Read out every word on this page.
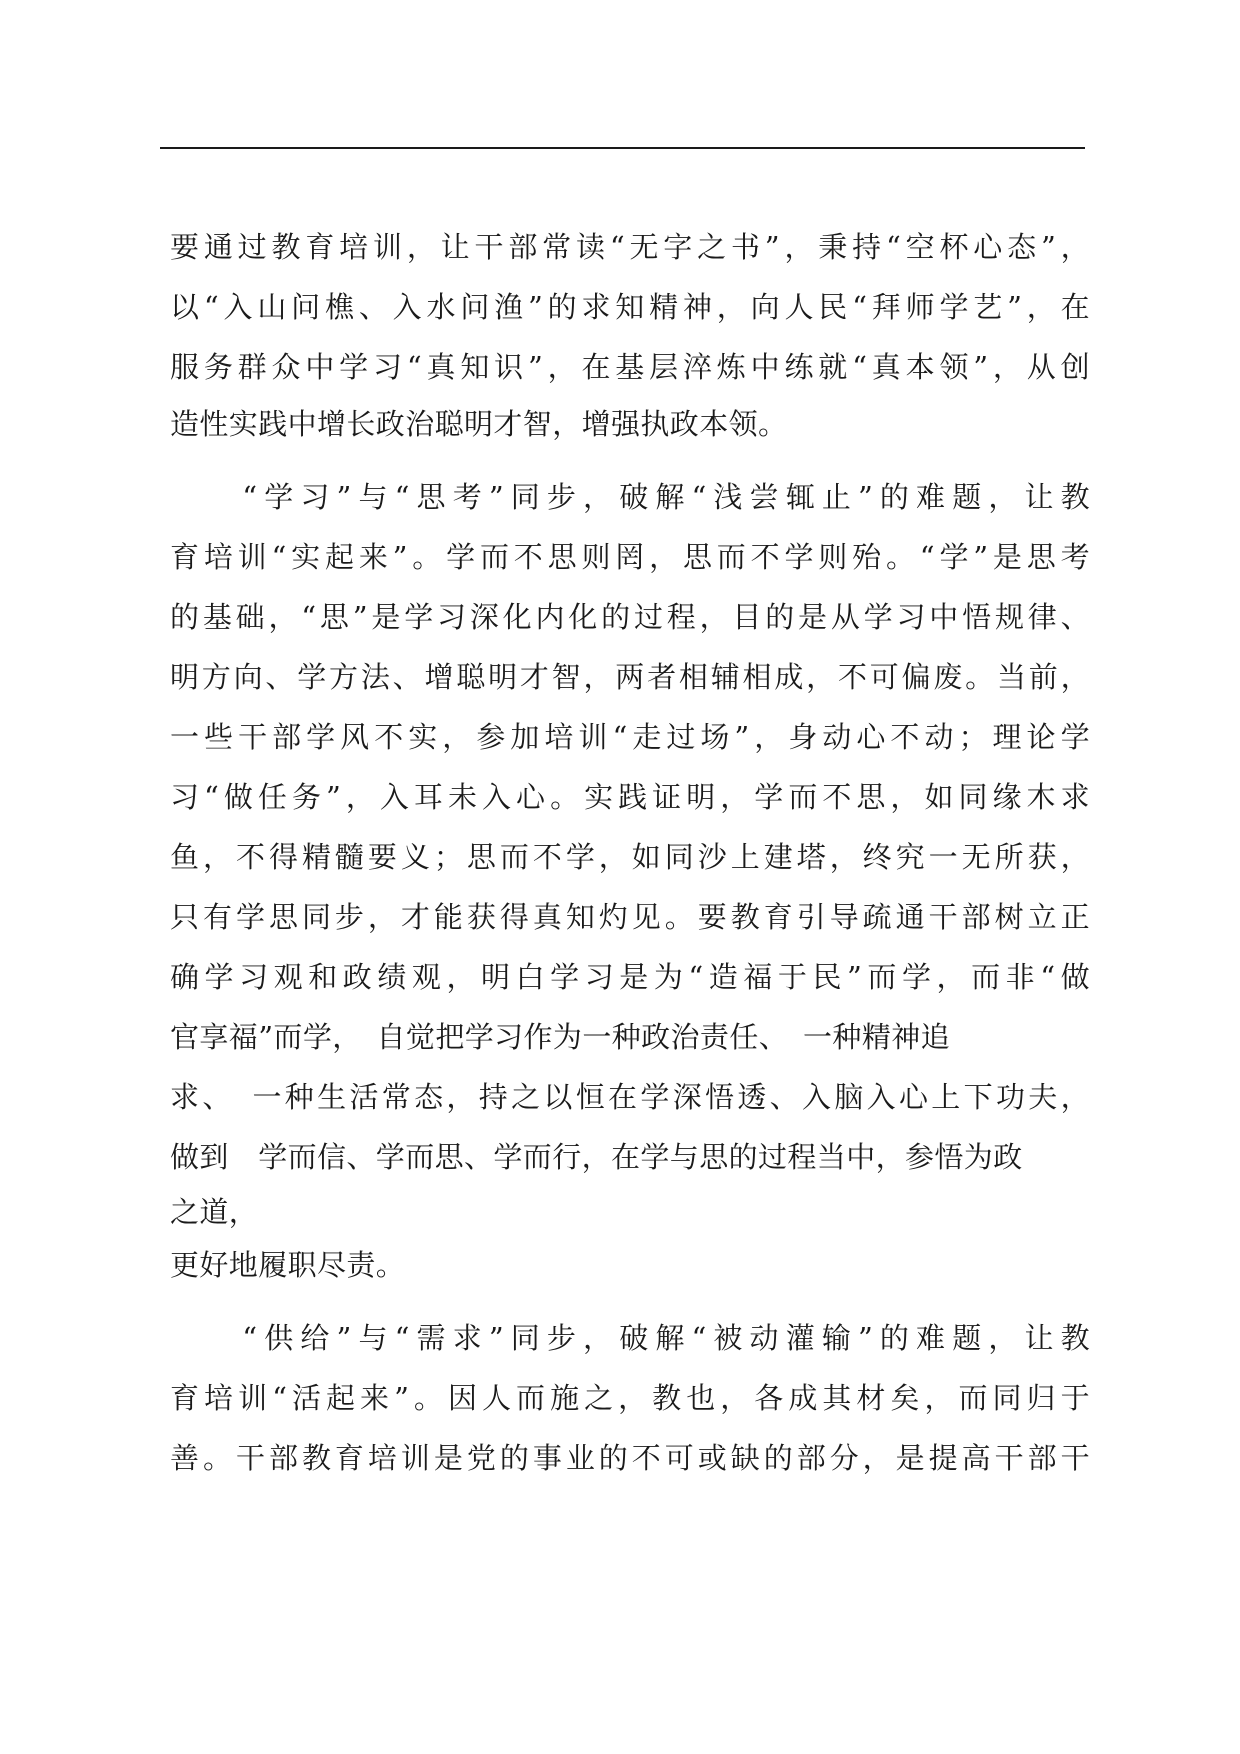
要通过教育培训，让干部常读“无字之书”，秉持“空杯心态”，
以“入山问樵、入水问渔”的求知精神，向人民“拜师学艺”，在
服务群众中学习“真知识”，在基层淬炼中练就“真本领”，从创
造性实践中增长政治聪明才智，增强执政本领。
　　“学习”与“思考”同步，破解“浅尝辄止”的难题，让教
育培训“实起来”。学而不思则罔，思而不学则殆。“学”是思考
的基础，“思”是学习深化内化的过程，目的是从学习中悟规律、
明方向、学方法、增聪明才智，两者相辅相成，不可偏废。当前，
一些干部学风不实，参加培训“走过场”，身动心不动；理论学
习“做任务”，入耳未入心。实践证明，学而不思，如同缘木求
鱼，不得精髓要义；思而不学，如同沙上建塔，终究一无所获，
只有学思同步，才能获得真知灼见。要教育引导疏通干部树立正
确学习观和政绩观，明白学习是为“造福于民”而学，而非“做
官享福”而学，　自觉把学习作为一种政治责任、　一种精神追
求、　一种生活常态，持之以恒在学深悟透、入脑入心上下功夫，
做到　学而信、学而思、学而行，在学与思的过程当中，参悟为政
之道，
更好地履职尽责。
　　“供给”与“需求”同步，破解“被动灌输”的难题，让教
育培训“活起来”。因人而施之，教也，各成其材矣，而同归于
善。干部教育培训是党的事业的不可或缺的部分，是提高干部干
